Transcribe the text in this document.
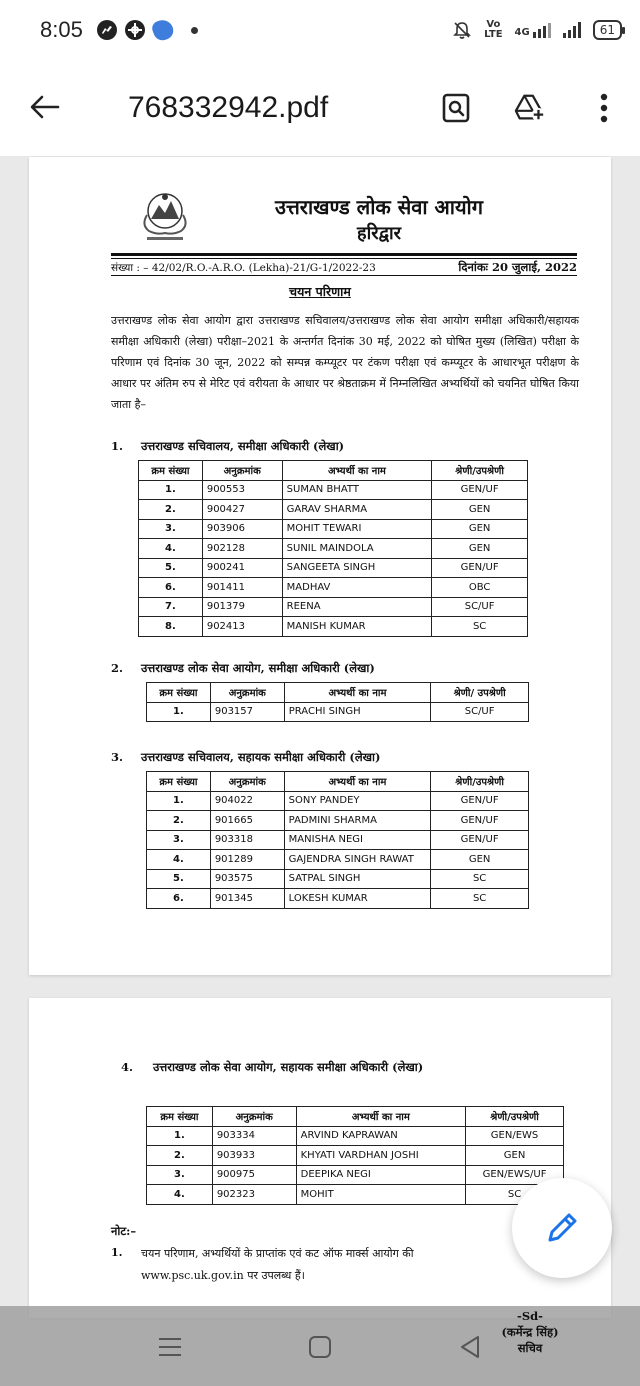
8:05	Vo
LTE 4G	61
768332942.pdf
उत्तराखण्ड लोक सेवा आयोग
हरिद्वार
संख्या : – 42/02/R.O.-A.R.O. (Lekha)-21/G-1/2022-23	दिनांकः 20 जुलाई, 2022
चयन परिणाम
उत्तराखण्ड लोक सेवा आयोग द्वारा उत्तराखण्ड सचिवालय/उत्तराखण्ड लोक सेवा आयोग समीक्षा अधिकारी/सहायक समीक्षा अधिकारी (लेखा) परीक्षा–2021 के अन्तर्गत दिनांक 30 मई, 2022 को घोषित मुख्य (लिखित) परीक्षा के परिणाम एवं दिनांक 30 जून, 2022 को सम्पन्न कम्प्यूटर पर टंकण परीक्षा एवं कम्प्यूटर के आधारभूत परीक्षण के आधार पर अंतिम रुप से मेरिट एवं वरीयता के आधार पर श्रेष्ठताक्रम में निम्नलिखित अभ्यर्थियों को चयनित घोषित किया जाता है–
1. उत्तराखण्ड सचिवालय, समीक्षा अधिकारी (लेखा)
क्रम संख्या	अनुक्रमांक	अभ्यर्थी का नाम	श्रेणी/उपश्रेणी
1.	900553	SUMAN BHATT	GEN/UF
2.	900427	GARAV SHARMA	GEN
3.	903906	MOHIT TEWARI	GEN
4.	902128	SUNIL MAINDOLA	GEN
5.	900241	SANGEETA SINGH	GEN/UF
6.	901411	MADHAV	OBC
7.	901379	REENA	SC/UF
8.	902413	MANISH KUMAR	SC
2. उत्तराखण्ड लोक सेवा आयोग, समीक्षा अधिकारी (लेखा)
क्रम संख्या	अनुक्रमांक	अभ्यर्थी का नाम	श्रेणी/ उपश्रेणी
1.	903157	PRACHI SINGH	SC/UF
3. उत्तराखण्ड सचिवालय, सहायक समीक्षा अधिकारी (लेखा)
क्रम संख्या	अनुक्रमांक	अभ्यर्थी का नाम	श्रेणी/उपश्रेणी
1.	904022	SONY PANDEY	GEN/UF
2.	901665	PADMINI SHARMA	GEN/UF
3.	903318	MANISHA NEGI	GEN/UF
4.	901289	GAJENDRA SINGH RAWAT	GEN
5.	903575	SATPAL SINGH	SC
6.	901345	LOKESH KUMAR	SC
4. उत्तराखण्ड लोक सेवा आयोग, सहायक समीक्षा अधिकारी (लेखा)
क्रम संख्या	अनुक्रमांक	अभ्यर्थी का नाम	श्रेणी/उपश्रेणी
1.	903334	ARVIND KAPRAWAN	GEN/EWS
2.	903933	KHYATI VARDHAN JOSHI	GEN
3.	900975	DEEPIKA NEGI	GEN/EWS/UF
4.	902323	MOHIT	SC
नोट:–
1. चयन परिणाम, अभ्यर्थियों के प्राप्तांक एवं कट ऑफ मार्क्स आयोग की
www.psc.uk.gov.in पर उपलब्ध हैं।
-Sd-
(कर्मेन्द्र सिंह)
सचिव
